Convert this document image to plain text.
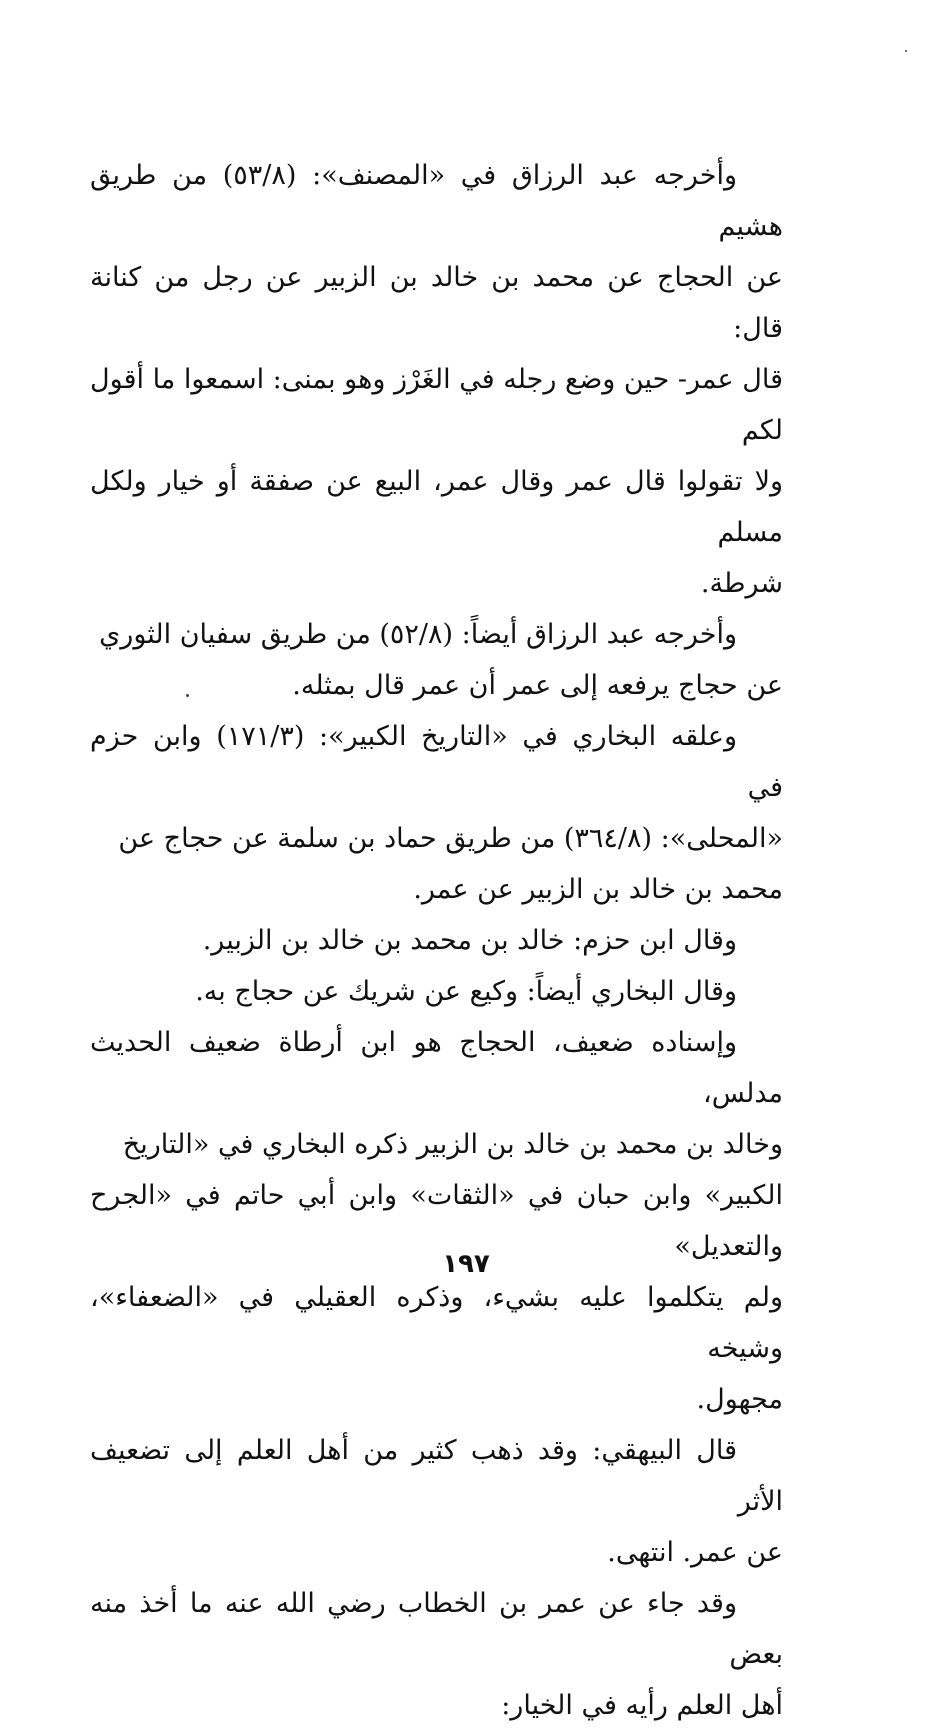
وأخرجه عبد الرزاق في «المصنف»: (٥٣/٨) من طريق هشيم
عن الحجاج عن محمد بن خالد بن الزبير عن رجل من كنانة قال:
قال عمر- حين وضع رجله في الغَرْز وهو بمنى: اسمعوا ما أقول لكم
ولا تقولوا قال عمر وقال عمر، البيع عن صفقة أو خيار ولكل مسلم
شرطة.

وأخرجه عبد الرزاق أيضاً: (٥٢/٨) من طريق سفيان الثوري
عن حجاج يرفعه إلى عمر أن عمر قال بمثله.

وعلقه البخاري في «التاريخ الكبير»: (١٧١/٣) وابن حزم في
«المحلى»: (٣٦٤/٨) من طريق حماد بن سلمة عن حجاج عن
محمد بن خالد بن الزبير عن عمر.

وقال ابن حزم: خالد بن محمد بن خالد بن الزبير.

وقال البخاري أيضاً: وكيع عن شريك عن حجاج به.

وإسناده ضعيف، الحجاج هو ابن أرطاة ضعيف الحديث مدلس،
وخالد بن محمد بن خالد بن الزبير ذكره البخاري في «التاريخ
الكبير» وابن حبان في «الثقات» وابن أبي حاتم في «الجرح والتعديل»
ولم يتكلموا عليه بشيء، وذكره العقيلي في «الضعفاء»، وشيخه
مجهول.

قال البيهقي: وقد ذهب كثير من أهل العلم إلى تضعيف الأثر
عن عمر. انتهى.

وقد جاء عن عمر بن الخطاب رضي الله عنه ما أخذ منه بعض
أهل العلم رأيه في الخيار:

١٩٧
